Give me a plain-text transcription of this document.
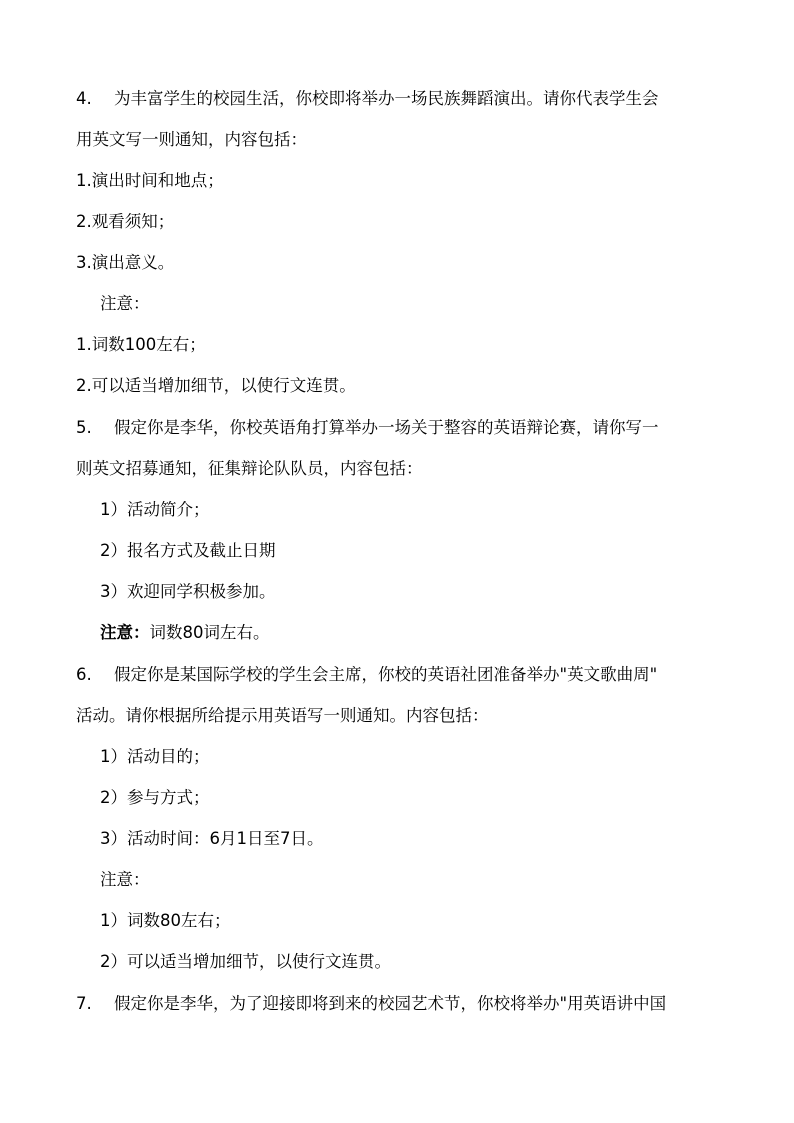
4. 为丰富学生的校园生活，你校即将举办一场民族舞蹈演出。请你代表学生会
用英文写一则通知，内容包括：
1.演出时间和地点；
2.观看须知；
3.演出意义。
注意：
1.词数100左右；
2.可以适当增加细节，以使行文连贯。
5. 假定你是李华，你校英语角打算举办一场关于整容的英语辩论赛，请你写一
则英文招募通知，征集辩论队队员，内容包括：
1）活动简介；
2）报名方式及截止日期
3）欢迎同学积极参加。
注意：词数80词左右。
6. 假定你是某国际学校的学生会主席，你校的英语社团准备举办"英文歌曲周"
活动。请你根据所给提示用英语写一则通知。内容包括：
1）活动目的；
2）参与方式；
3）活动时间：6月1日至7日。
注意：
1）词数80左右；
2）可以适当增加细节，以使行文连贯。
7. 假定你是李华，为了迎接即将到来的校园艺术节，你校将举办"用英语讲中国
